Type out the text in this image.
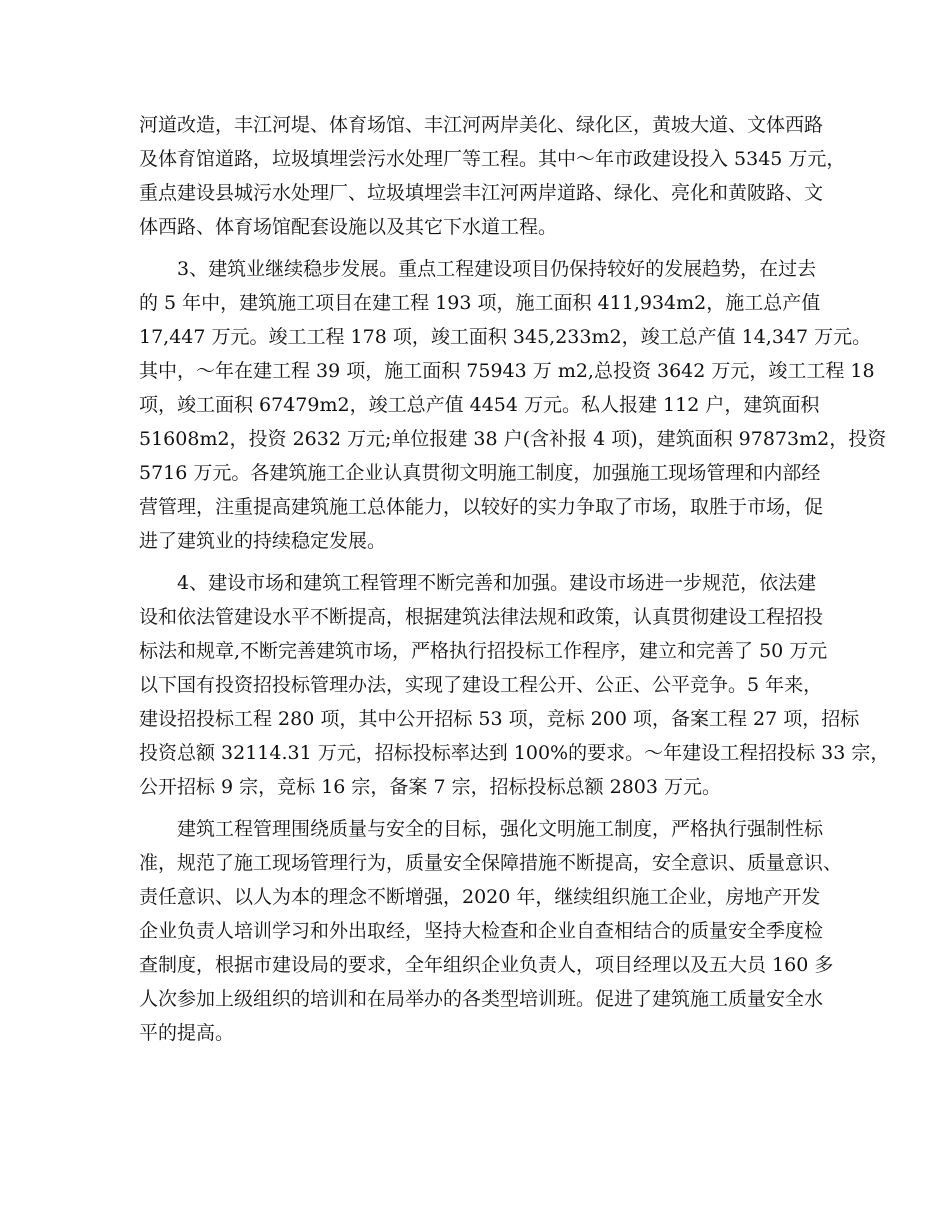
河道改造，丰江河堤、体育场馆、丰江河两岸美化、绿化区，黄坡大道、文体西路
及体育馆道路，垃圾填埋尝污水处理厂等工程。其中～年市政建设投入 5345 万元，
重点建设县城污水处理厂、垃圾填埋尝丰江河两岸道路、绿化、亮化和黄陂路、文
体西路、体育场馆配套设施以及其它下水道工程。
3、建筑业继续稳步发展。重点工程建设项目仍保持较好的发展趋势，在过去
的 5 年中，建筑施工项目在建工程 193 项，施工面积 411,934m2，施工总产值
17,447 万元。竣工工程 178 项，竣工面积 345,233m2，竣工总产值 14,347 万元。
其中，～年在建工程 39 项，施工面积 75943 万 m2,总投资 3642 万元，竣工工程 18
项，竣工面积 67479m2，竣工总产值 4454 万元。私人报建 112 户，建筑面积
51608m2，投资 2632 万元;单位报建 38 户(含补报 4 项)，建筑面积 97873m2，投资
5716 万元。各建筑施工企业认真贯彻文明施工制度，加强施工现场管理和内部经
营管理，注重提高建筑施工总体能力，以较好的实力争取了市场，取胜于市场，促
进了建筑业的持续稳定发展。
4、建设市场和建筑工程管理不断完善和加强。建设市场进一步规范，依法建
设和依法管建设水平不断提高，根据建筑法律法规和政策，认真贯彻建设工程招投
标法和规章,不断完善建筑市场，严格执行招投标工作程序，建立和完善了 50 万元
以下国有投资招投标管理办法，实现了建设工程公开、公正、公平竞争。5 年来，
建设招投标工程 280 项，其中公开招标 53 项，竞标 200 项，备案工程 27 项，招标
投资总额 32114.31 万元，招标投标率达到 100%的要求。～年建设工程招投标 33 宗，
公开招标 9 宗，竞标 16 宗，备案 7 宗，招标投标总额 2803 万元。
建筑工程管理围绕质量与安全的目标，强化文明施工制度，严格执行强制性标
准，规范了施工现场管理行为，质量安全保障措施不断提高，安全意识、质量意识、
责任意识、以人为本的理念不断增强，2020 年，继续组织施工企业，房地产开发
企业负责人培训学习和外出取经，坚持大检查和企业自查相结合的质量安全季度检
查制度，根据市建设局的要求，全年组织企业负责人，项目经理以及五大员 160 多
人次参加上级组织的培训和在局举办的各类型培训班。促进了建筑施工质量安全水
平的提高。
